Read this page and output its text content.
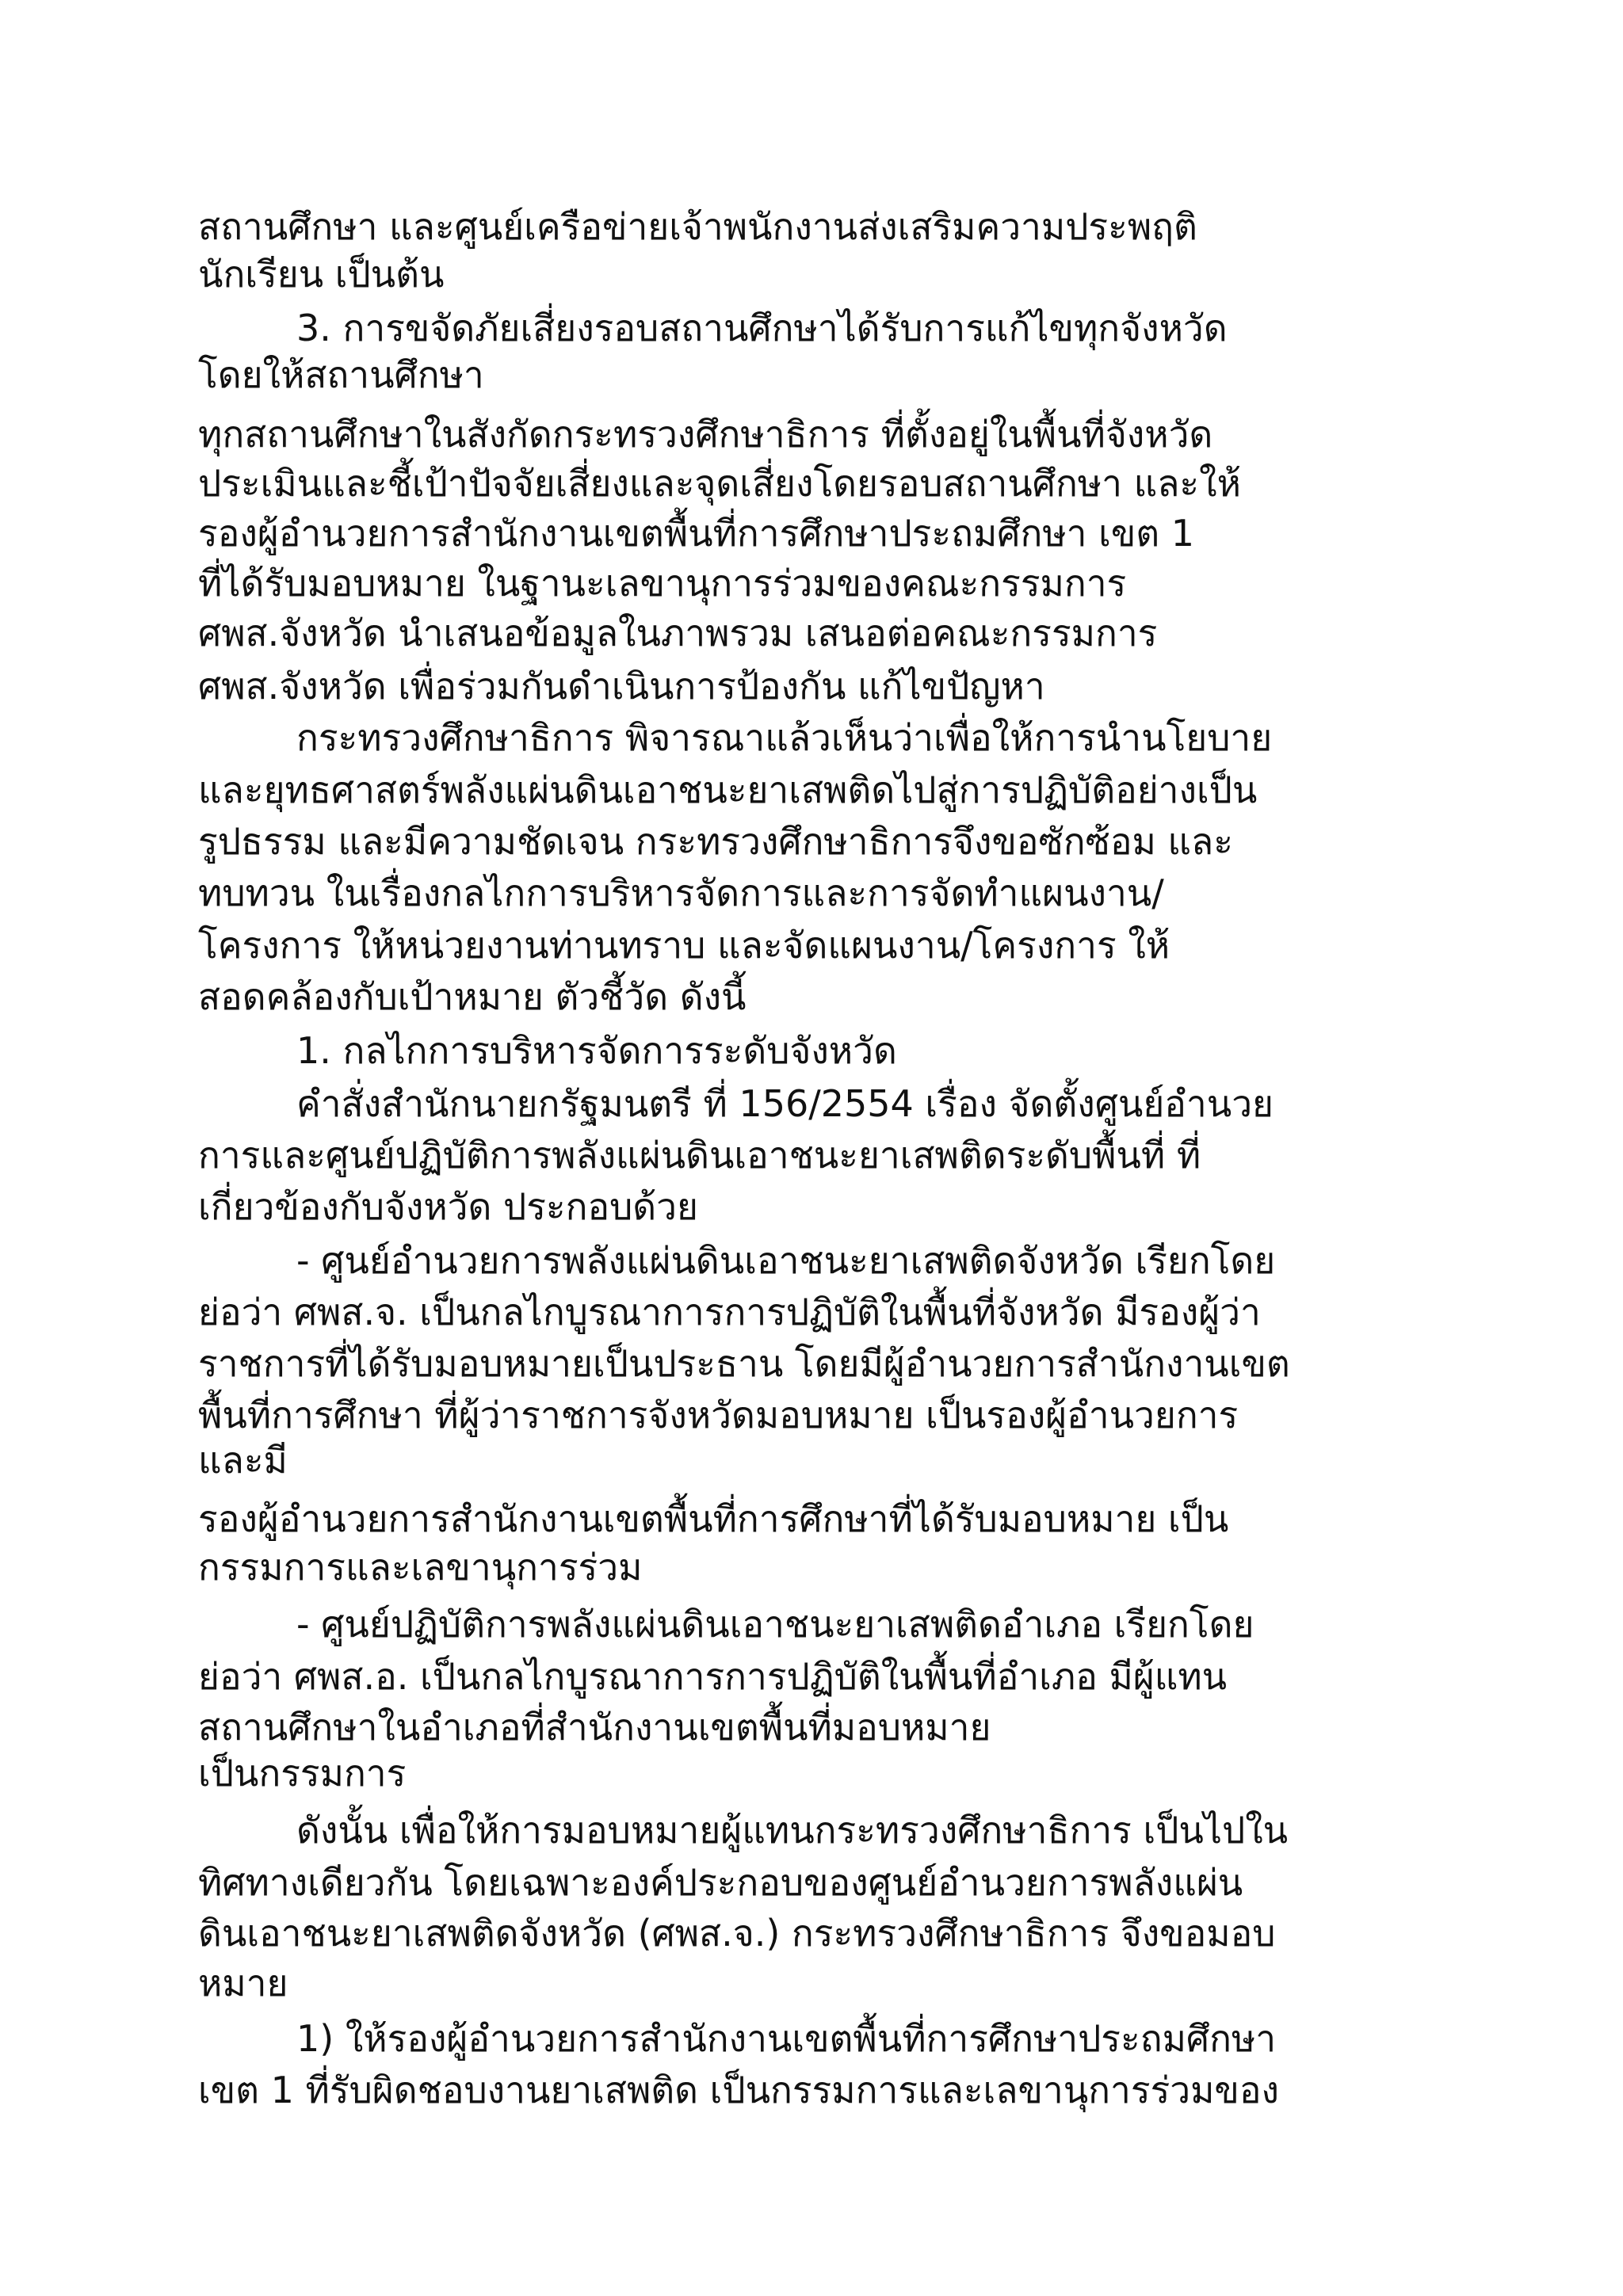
สถานศึกษา และศูนย์เครือข่ายเจ้าพนักงานส่งเสริมความประพฤติ

นักเรียน เป็นต้น

3. การขจัดภัยเสี่ยงรอบสถานศึกษาได้รับการแก้ไขทุกจังหวัด

โดยให้สถานศึกษา

ทุกสถานศึกษาในสังกัดกระทรวงศึกษาธิการ ที่ตั้งอยู่ในพื้นที่จังหวัด

ประเมินและชี้เป้าปัจจัยเสี่ยงและจุดเสี่ยงโดยรอบสถานศึกษา และให้

รองผู้อำนวยการสำนักงานเขตพื้นที่การศึกษาประถมศึกษา เขต 1

ที่ได้รับมอบหมาย ในฐานะเลขานุการร่วมของคณะกรรมการ

ศพส.จังหวัด นำเสนอข้อมูลในภาพรวม เสนอต่อคณะกรรมการ

ศพส.จังหวัด เพื่อร่วมกันดำเนินการป้องกัน แก้ไขปัญหา

กระทรวงศึกษาธิการ พิจารณาแล้วเห็นว่าเพื่อให้การนำนโยบาย

และยุทธศาสตร์พลังแผ่นดินเอาชนะยาเสพติดไปสู่การปฏิบัติอย่างเป็น

รูปธรรม และมีความชัดเจน กระทรวงศึกษาธิการจึงขอซักซ้อม และ

ทบทวน ในเรื่องกลไกการบริหารจัดการและการจัดทำแผนงาน/

โครงการ ให้หน่วยงานท่านทราบ และจัดแผนงาน/โครงการ ให้

สอดคล้องกับเป้าหมาย ตัวชี้วัด ดังนี้

1. กลไกการบริหารจัดการระดับจังหวัด

คำสั่งสำนักนายกรัฐมนตรี ที่ 156/2554 เรื่อง จัดตั้งศูนย์อำนวย

การและศูนย์ปฏิบัติการพลังแผ่นดินเอาชนะยาเสพติดระดับพื้นที่ ที่

เกี่ยวข้องกับจังหวัด ประกอบด้วย

- ศูนย์อำนวยการพลังแผ่นดินเอาชนะยาเสพติดจังหวัด เรียกโดย

ย่อว่า ศพส.จ. เป็นกลไกบูรณาการการปฏิบัติในพื้นที่จังหวัด มีรองผู้ว่า

ราชการที่ได้รับมอบหมายเป็นประธาน โดยมีผู้อำนวยการสำนักงานเขต

พื้นที่การศึกษา ที่ผู้ว่าราชการจังหวัดมอบหมาย เป็นรองผู้อำนวยการ

และมี

รองผู้อำนวยการสำนักงานเขตพื้นที่การศึกษาที่ได้รับมอบหมาย เป็น

กรรมการและเลขานุการร่วม

- ศูนย์ปฏิบัติการพลังแผ่นดินเอาชนะยาเสพติดอำเภอ เรียกโดย

ย่อว่า ศพส.อ. เป็นกลไกบูรณาการการปฏิบัติในพื้นที่อำเภอ มีผู้แทน

สถานศึกษาในอำเภอที่สำนักงานเขตพื้นที่มอบหมาย

เป็นกรรมการ

ดังนั้น เพื่อให้การมอบหมายผู้แทนกระทรวงศึกษาธิการ เป็นไปใน

ทิศทางเดียวกัน โดยเฉพาะองค์ประกอบของศูนย์อำนวยการพลังแผ่น

ดินเอาชนะยาเสพติดจังหวัด (ศพส.จ.) กระทรวงศึกษาธิการ จึงขอมอบ

หมาย

1) ให้รองผู้อำนวยการสำนักงานเขตพื้นที่การศึกษาประถมศึกษา

เขต 1 ที่รับผิดชอบงานยาเสพติด เป็นกรรมการและเลขานุการร่วมของ
